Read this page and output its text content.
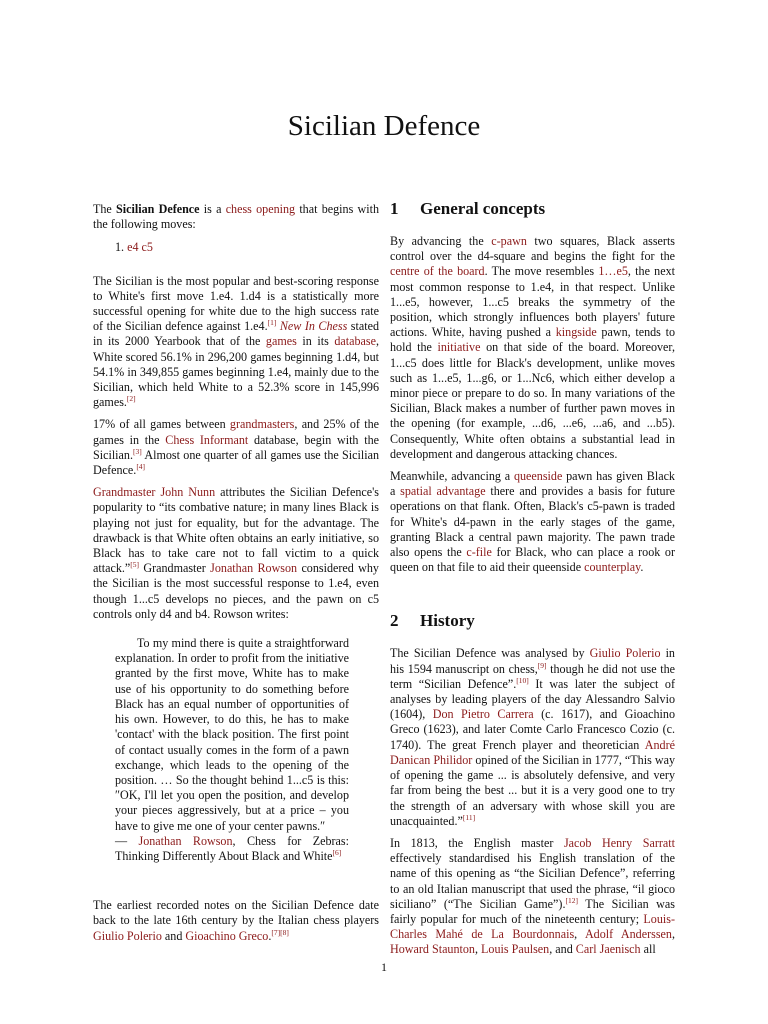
Sicilian Defence

The Sicilian Defence is a chess opening that begins with the following moves:

1. e4 c5

The Sicilian is the most popular and best-scoring response to White's first move 1.e4. 1.d4 is a statistically more successful opening for white due to the high success rate of the Sicilian defence against 1.e4.[1] New In Chess stated in its 2000 Yearbook that of the games in its database, White scored 56.1% in 296,200 games beginning 1.d4, but 54.1% in 349,855 games beginning 1.e4, mainly due to the Sicilian, which held White to a 52.3% score in 145,996 games.[2]

17% of all games between grandmasters, and 25% of the games in the Chess Informant database, begin with the Sicilian.[3] Almost one quarter of all games use the Sicilian Defence.[4]

Grandmaster John Nunn attributes the Sicilian Defence's popularity to “its combative nature; in many lines Black is playing not just for equality, but for the advantage. The drawback is that White often obtains an early initiative, so Black has to take care not to fall victim to a quick attack.”[5] Grandmaster Jonathan Rowson considered why the Sicilian is the most successful response to 1.e4, even though 1...c5 develops no pieces, and the pawn on c5 controls only d4 and b4. Rowson writes:

To my mind there is quite a straightforward explanation. In order to profit from the initiative granted by the first move, White has to make use of his opportunity to do something before Black has an equal number of opportunities of his own. However, to do this, he has to make 'contact' with the black position. The first point of contact usually comes in the form of a pawn exchange, which leads to the opening of the position. … So the thought behind 1...c5 is this: ″OK, I'll let you open the position, and develop your pieces aggressively, but at a price – you have to give me one of your center pawns.″

— Jonathan Rowson, Chess for Zebras: Thinking Differently About Black and White[6]

The earliest recorded notes on the Sicilian Defence date back to the late 16th century by the Italian chess players Giulio Polerio and Gioachino Greco.[7][8]

1 General concepts

By advancing the c-pawn two squares, Black asserts control over the d4-square and begins the fight for the centre of the board. The move resembles 1…e5, the next most common response to 1.e4, in that respect. Unlike 1...e5, however, 1...c5 breaks the symmetry of the position, which strongly influences both players' future actions. White, having pushed a kingside pawn, tends to hold the initiative on that side of the board. Moreover, 1...c5 does little for Black's development, unlike moves such as 1...e5, 1...g6, or 1...Nc6, which either develop a minor piece or prepare to do so. In many variations of the Sicilian, Black makes a number of further pawn moves in the opening (for example, ...d6, ...e6, ...a6, and ...b5). Consequently, White often obtains a substantial lead in development and dangerous attacking chances.

Meanwhile, advancing a queenside pawn has given Black a spatial advantage there and provides a basis for future operations on that flank. Often, Black's c5-pawn is traded for White's d4-pawn in the early stages of the game, granting Black a central pawn majority. The pawn trade also opens the c-file for Black, who can place a rook or queen on that file to aid their queenside counterplay.

2 History

The Sicilian Defence was analysed by Giulio Polerio in his 1594 manuscript on chess,[9] though he did not use the term “Sicilian Defence”.[10] It was later the subject of analyses by leading players of the day Alessandro Salvio (1604), Don Pietro Carrera (c. 1617), and Gioachino Greco (1623), and later Comte Carlo Francesco Cozio (c. 1740). The great French player and theoretician André Danican Philidor opined of the Sicilian in 1777, “This way of opening the game ... is absolutely defensive, and very far from being the best ... but it is a very good one to try the strength of an adversary with whose skill you are unacquainted.”[11]

In 1813, the English master Jacob Henry Sarratt effectively standardised his English translation of the name of this opening as “the Sicilian Defence”, referring to an old Italian manuscript that used the phrase, “il gioco siciliano” (“The Sicilian Game”).[12] The Sicilian was fairly popular for much of the nineteenth century; Louis-Charles Mahé de La Bourdonnais, Adolf Anderssen, Howard Staunton, Louis Paulsen, and Carl Jaenisch all

1
